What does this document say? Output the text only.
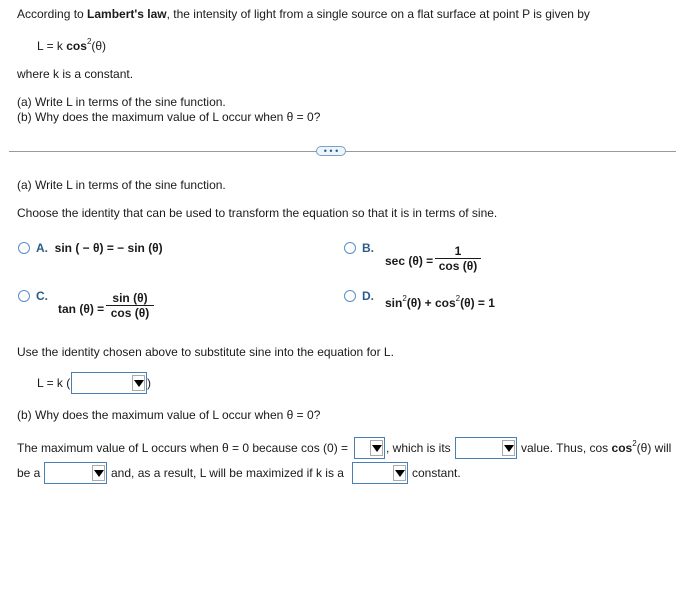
According to Lambert's law, the intensity of light from a single source on a flat surface at point P is given by
L = k $\cos^2(\theta)$
where k is a constant.
(a) Write L in terms of the sine function.
(b) Why does the maximum value of L occur when θ = 0?
• • •
(a) Write L in terms of the sine function.
Choose the identity that can be used to transform the equation so that it is in terms of sine.
A. sin ( − θ) = − sin (θ)	B.
$\sec (\theta) = \frac{1}{\cos (\theta)}$
C.
$\tan (\theta) = \frac{\sin (\theta)}{\cos (\theta)}$	D. $\sin^2(\theta) + \cos^2(\theta) = 1$
Use the identity chosen above to substitute sine into the equation for L.
L = k (	)
(b) Why does the maximum value of L occur when θ = 0?
The maximum value of L occurs when θ = 0 because cos (0) =	, which is its	value. Thus, $\cos \cos^2(\theta)$ will
be a	and, as a result, L will be maximized if k is a	constant.
